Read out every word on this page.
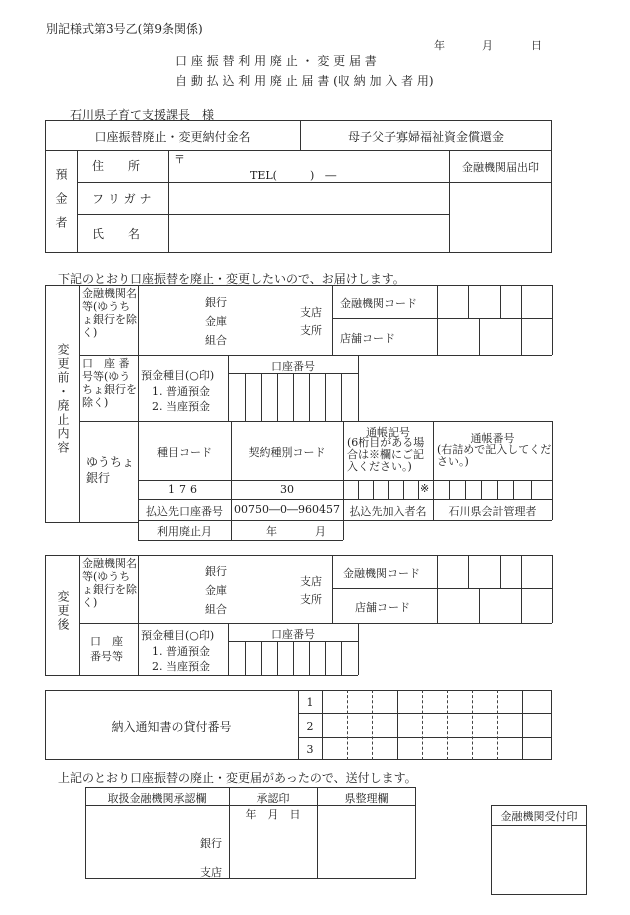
別記様式第3号乙(第9条関係)
年	月	日
口 座 振 替 利 用 廃 止 ・ 変 更 届 書
自 動 払 込 利 用 廃 止 届 書 (収 納 加 入 者 用)
石川県子育て支援課長　様
口座振替廃止・変更納付金名	母子父子寡婦福祉資金償還金
預金者
住　　所	〒
TEL(　　　)　―
フ リ ガ ナ
氏　　名
金融機関届出印
下記のとおり口座振替を廃止・変更したいので、お届けします。
変更前・廃止内容
金融機関名等(ゆうちょ銀行を除く)
銀行
金庫
組合
支店
支所
金融機関コード
店舗コード
口　座 番号等(ゆうちょ銀行を除く)
預金種目(○印)
1. 普通預金
2. 当座預金
口座番号
ゆうちょ銀行
種目コード	契約種別コード
通帳記号
(6桁目がある場合は※欄にご記入ください。)
通帳番号
(右詰めで記入してください。)
176	30	※
払込先口座番号	00750―0―960457 払込先加入者名	石川県会計管理者
利用廃止月	年	月
変更後
金融機関名等(ゆうちょ銀行を除く)
銀行
金庫
組合
支店
支所
金融機関コード
店舗コード
口　座 番号等
預金種目(○印)
1. 普通預金
2. 当座預金
口座番号
納入通知書の貸付番号
1
2
3
上記のとおり口座振替の廃止・変更届があったので、送付します。
取扱金融機関承認欄	承認印	県整理欄
年　月　日
銀行
支店
金融機関受付印
